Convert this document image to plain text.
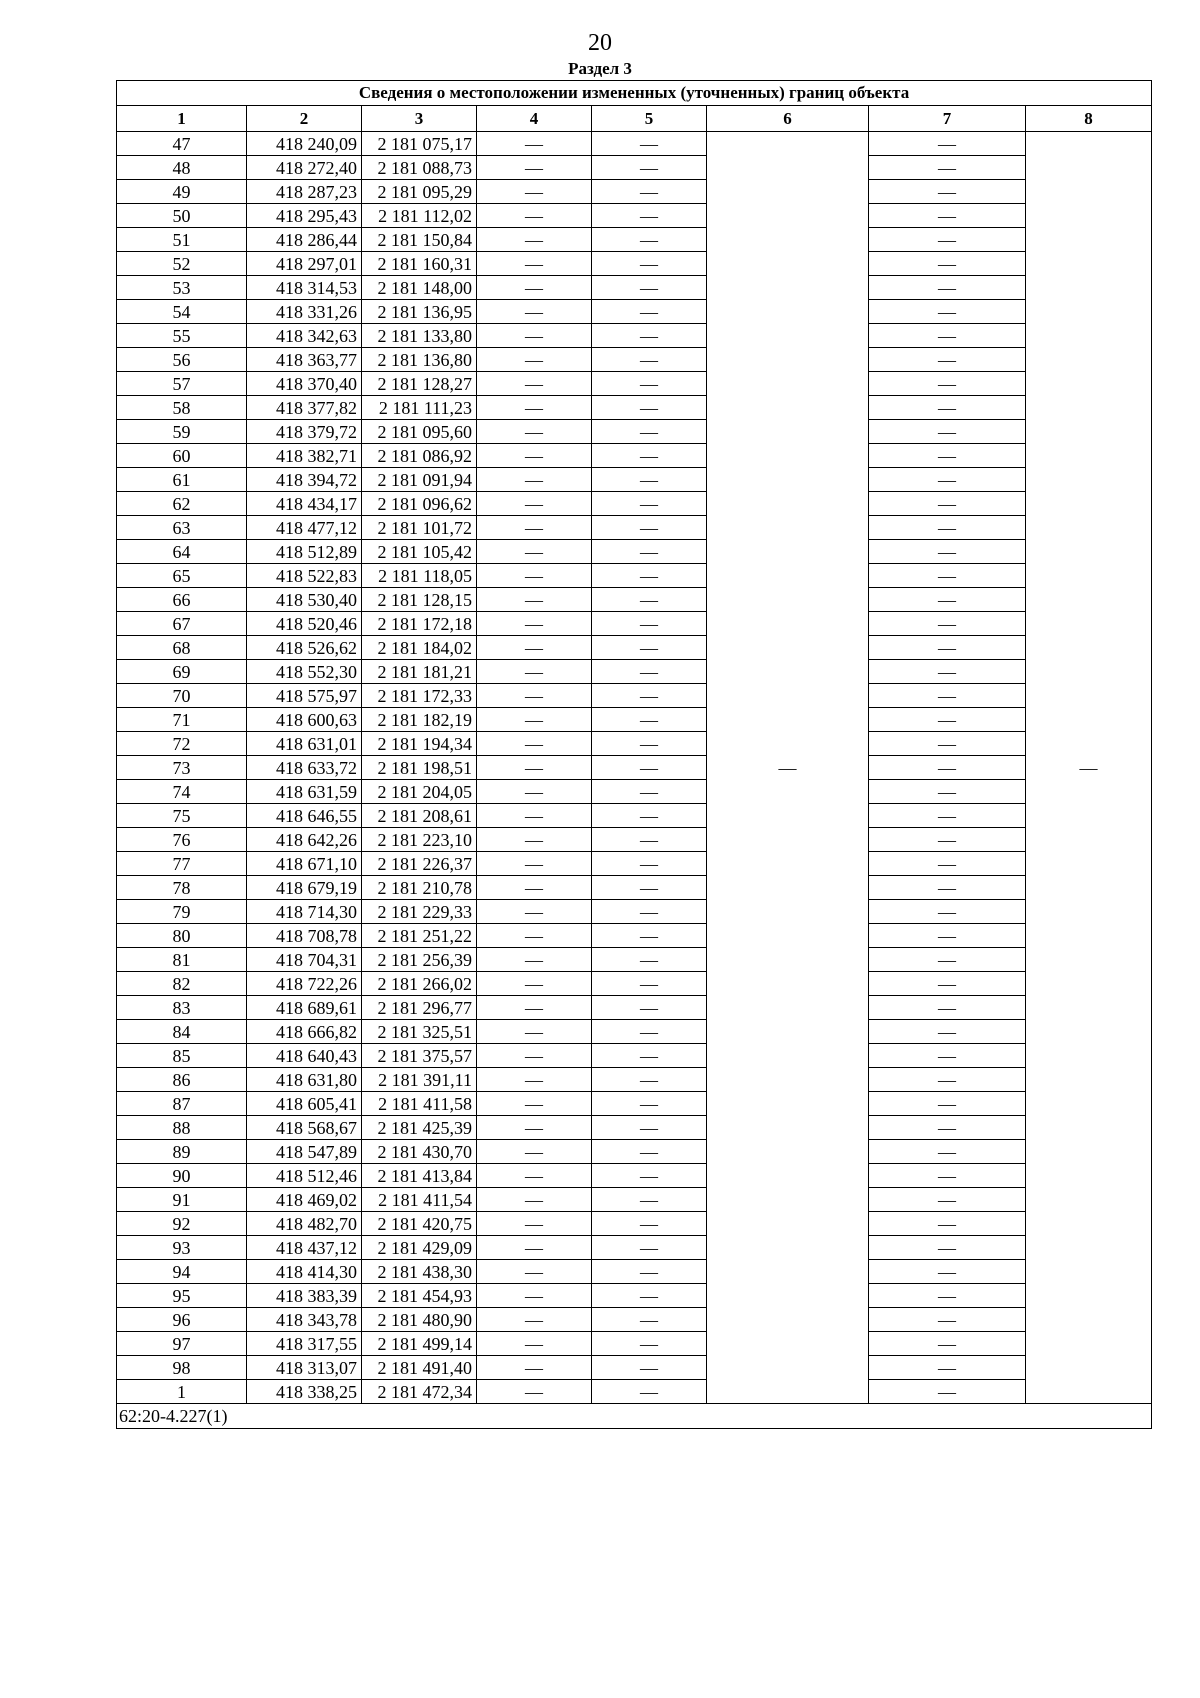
20
Раздел 3
Сведения о местоположении измененных (уточненных) границ объекта							
1	2	3	4	5	6	7	8
47	418 240,09	2 181 075,17	—	—	—	—	—
48	418 272,40	2 181 088,73	—	—		—	
49	418 287,23	2 181 095,29	—	—		—	
50	418 295,43	2 181 112,02	—	—		—	
51	418 286,44	2 181 150,84	—	—		—	
52	418 297,01	2 181 160,31	—	—		—	
53	418 314,53	2 181 148,00	—	—		—	
54	418 331,26	2 181 136,95	—	—		—	
55	418 342,63	2 181 133,80	—	—		—	
56	418 363,77	2 181 136,80	—	—		—	
57	418 370,40	2 181 128,27	—	—		—	
58	418 377,82	2 181 111,23	—	—		—	
59	418 379,72	2 181 095,60	—	—		—	
60	418 382,71	2 181 086,92	—	—		—	
61	418 394,72	2 181 091,94	—	—		—	
62	418 434,17	2 181 096,62	—	—		—	
63	418 477,12	2 181 101,72	—	—		—	
64	418 512,89	2 181 105,42	—	—		—	
65	418 522,83	2 181 118,05	—	—		—	
66	418 530,40	2 181 128,15	—	—		—	
67	418 520,46	2 181 172,18	—	—		—	
68	418 526,62	2 181 184,02	—	—		—	
69	418 552,30	2 181 181,21	—	—		—	
70	418 575,97	2 181 172,33	—	—		—	
71	418 600,63	2 181 182,19	—	—		—	
72	418 631,01	2 181 194,34	—	—		—	
73	418 633,72	2 181 198,51	—	—		—	
74	418 631,59	2 181 204,05	—	—		—	
75	418 646,55	2 181 208,61	—	—		—	
76	418 642,26	2 181 223,10	—	—		—	
77	418 671,10	2 181 226,37	—	—		—	
78	418 679,19	2 181 210,78	—	—		—	
79	418 714,30	2 181 229,33	—	—		—	
80	418 708,78	2 181 251,22	—	—		—	
81	418 704,31	2 181 256,39	—	—		—	
82	418 722,26	2 181 266,02	—	—		—	
83	418 689,61	2 181 296,77	—	—		—	
84	418 666,82	2 181 325,51	—	—		—	
85	418 640,43	2 181 375,57	—	—		—	
86	418 631,80	2 181 391,11	—	—		—	
87	418 605,41	2 181 411,58	—	—		—	
88	418 568,67	2 181 425,39	—	—		—	
89	418 547,89	2 181 430,70	—	—		—	
90	418 512,46	2 181 413,84	—	—		—	
91	418 469,02	2 181 411,54	—	—		—	
92	418 482,70	2 181 420,75	—	—		—	
93	418 437,12	2 181 429,09	—	—		—	
94	418 414,30	2 181 438,30	—	—		—	
95	418 383,39	2 181 454,93	—	—		—	
96	418 343,78	2 181 480,90	—	—		—	
97	418 317,55	2 181 499,14	—	—		—	
98	418 313,07	2 181 491,40	—	—		—	
1	418 338,25	2 181 472,34	—	—		—	
62:20-4.227(1)							
